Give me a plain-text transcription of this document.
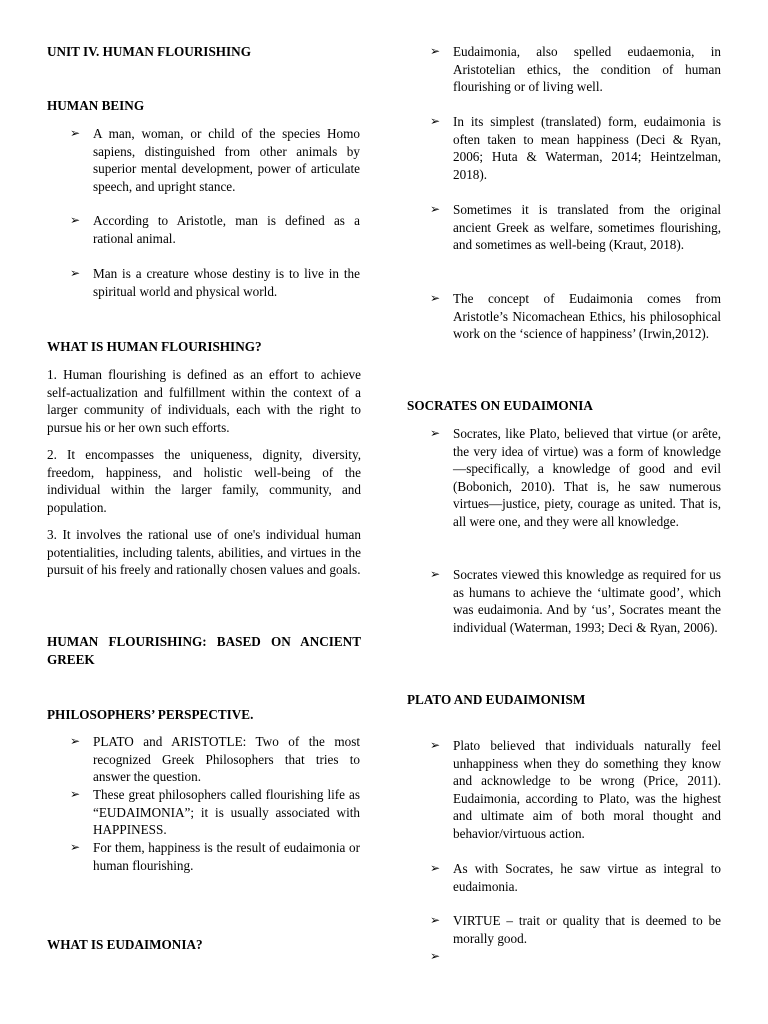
UNIT IV. HUMAN FLOURISHING

HUMAN BEING

➢ A man, woman, or child of the species Homo sapiens, distinguished from other animals by superior mental development, power of articulate speech, and upright stance.
➢ According to Aristotle, man is defined as a rational animal.
➢ Man is a creature whose destiny is to live in the spiritual world and physical world.

WHAT IS HUMAN FLOURISHING?

1. Human flourishing is defined as an effort to achieve self-actualization and fulfillment within the context of a larger community of individuals, each with the right to pursue his or her own such efforts.

2. It encompasses the uniqueness, dignity, diversity, freedom, happiness, and holistic well-being of the individual within the larger family, community, and population.

3. It involves the rational use of one's individual human potentialities, including talents, abilities, and virtues in the pursuit of his freely and rationally chosen values and goals.

HUMAN FLOURISHING: BASED ON ANCIENT GREEK

PHILOSOPHERS’ PERSPECTIVE.

➢ PLATO and ARISTOTLE: Two of the most recognized Greek Philosophers that tries to answer the question.
➢ These great philosophers called flourishing life as “EUDAIMONIA”; it is usually associated with HAPPINESS.
➢ For them, happiness is the result of eudaimonia or human flourishing.

WHAT IS EUDAIMONIA?

➢ Eudaimonia, also spelled eudaemonia, in Aristotelian ethics, the condition of human flourishing or of living well.
➢ In its simplest (translated) form, eudaimonia is often taken to mean happiness (Deci & Ryan, 2006; Huta & Waterman, 2014; Heintzelman, 2018).
➢ Sometimes it is translated from the original ancient Greek as welfare, sometimes flourishing, and sometimes as well-being (Kraut, 2018).
➢ The concept of Eudaimonia comes from Aristotle’s Nicomachean Ethics, his philosophical work on the ‘science of happiness’ (Irwin,2012).

SOCRATES ON EUDAIMONIA

➢ Socrates, like Plato, believed that virtue (or arête, the very idea of virtue) was a form of knowledge—specifically, a knowledge of good and evil (Bobonich, 2010). That is, he saw numerous virtues—justice, piety, courage as united. That is, all were one, and they were all knowledge.
➢ Socrates viewed this knowledge as required for us as humans to achieve the ‘ultimate good’, which was eudaimonia. And by ‘us’, Socrates meant the individual (Waterman, 1993; Deci & Ryan, 2006).

PLATO AND EUDAIMONISM

➢ Plato believed that individuals naturally feel unhappiness when they do something they know and acknowledge to be wrong (Price, 2011). Eudaimonia, according to Plato, was the highest and ultimate aim of both moral thought and behavior/virtuous action.
➢ As with Socrates, he saw virtue as integral to eudaimonia.
➢ VIRTUE – trait or quality that is deemed to be morally good.
➢
